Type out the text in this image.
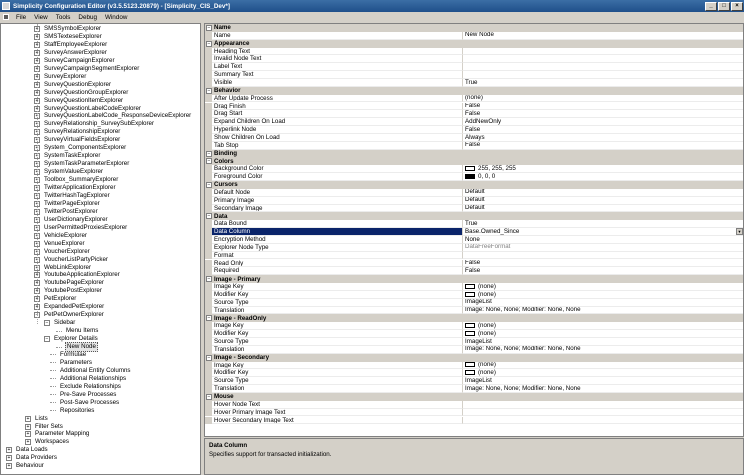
Simplicity Configuration Editor (v3.5.5123.20879) - [Simplicity_CIS_Dev*]	_	□	×
File	View	Tools	Debug	Window
+ SMSSymbolExplorer
+ SMSTexteseExplorer
+ StaffEmployeeExplorer
+ SurveyAnswerExplorer
+ SurveyCampaignExplorer
+ SurveyCampaignSegmentExplorer
+ SurveyExplorer
+ SurveyQuestionExplorer
+ SurveyQuestionGroupExplorer
+ SurveyQuestionItemExplorer
+ SurveyQuestionLabelCodeExplorer
+ SurveyQuestionLabelCode_ResponseDeviceExplorer
+ SurveyRelationship_SurveySubExplorer
+ SurveyRelationshipExplorer
+ SurveyVirtualFieldsExplorer
+ System_ComponentsExplorer
+ SystemTaskExplorer
+ SystemTaskParameterExplorer
+ SystemValueExplorer
+ Toolbox_SummaryExplorer
+ TwitterApplicationExplorer
+ TwitterHashTagExplorer
+ TwitterPageExplorer
+ TwitterPostExplorer
+ UserDictionaryExplorer
+ UserPermittedProxiesExplorer
+ VehicleExplorer
+ VenueExplorer
+ VoucherExplorer
+ VoucherListPartyPicker
+ WebLinkExplorer
+ YoutubeApplicationExplorer
+ YoutubePageExplorer
+ YoutubePostExplorer
+ PetExplorer
+ ExpandedPetExplorer
− PetPetOwnerExplorer
− Sidebar
Menu Items
− Explorer Details
New Node
Formulae
Parameters
Additional Entity Columns
Additional Relationships
Exclude Relationships
Pre-Save Processes
Post-Save Processes
Repositories
+ Lists
+ Filter Sets
+ Parameter Mapping
+ Workspaces
+ Data Loads
+ Data Providers
+ Behaviour
− Name
Name	New Node
− Appearance
Heading Text
Invalid Node Text
Label Text
Summary Text
Visible	True
− Behavior
After Update Process	(none)
Drag Finish	False
Drag Start	False
Expand Children On Load	AddNewOnly
Hyperlink Node	False
Show Children On Load	Always
Tab Stop	False
− Binding
− Colors
Background Color	255, 255, 255
Foreground Color	0, 0, 0
− Cursors
Default Node	Default
Primary Image	Default
Secondary Image	Default
− Data
Data Bound	True
Data Column	Base.Owned_Since	▼
Encryption Method	None
Explorer Node Type	DataFreeFormat
Format
Read Only	False
Required	False
− Image - Primary
Image Key	(none)
Modifier Key	(none)
Source Type	ImageList
Translation	Image: None, None; Modifier: None, None
− Image - ReadOnly
Image Key	(none)
Modifier Key	(none)
Source Type	ImageList
Translation	Image: None, None; Modifier: None, None
− Image - Secondary
Image Key	(none)
Modifier Key	(none)
Source Type	ImageList
Translation	Image: None, None; Modifier: None, None
− Mouse
Hover Node Text
Hover Primary Image Text
Hover Secondary Image Text
Data Column
Specifies support for transacted initialization.
